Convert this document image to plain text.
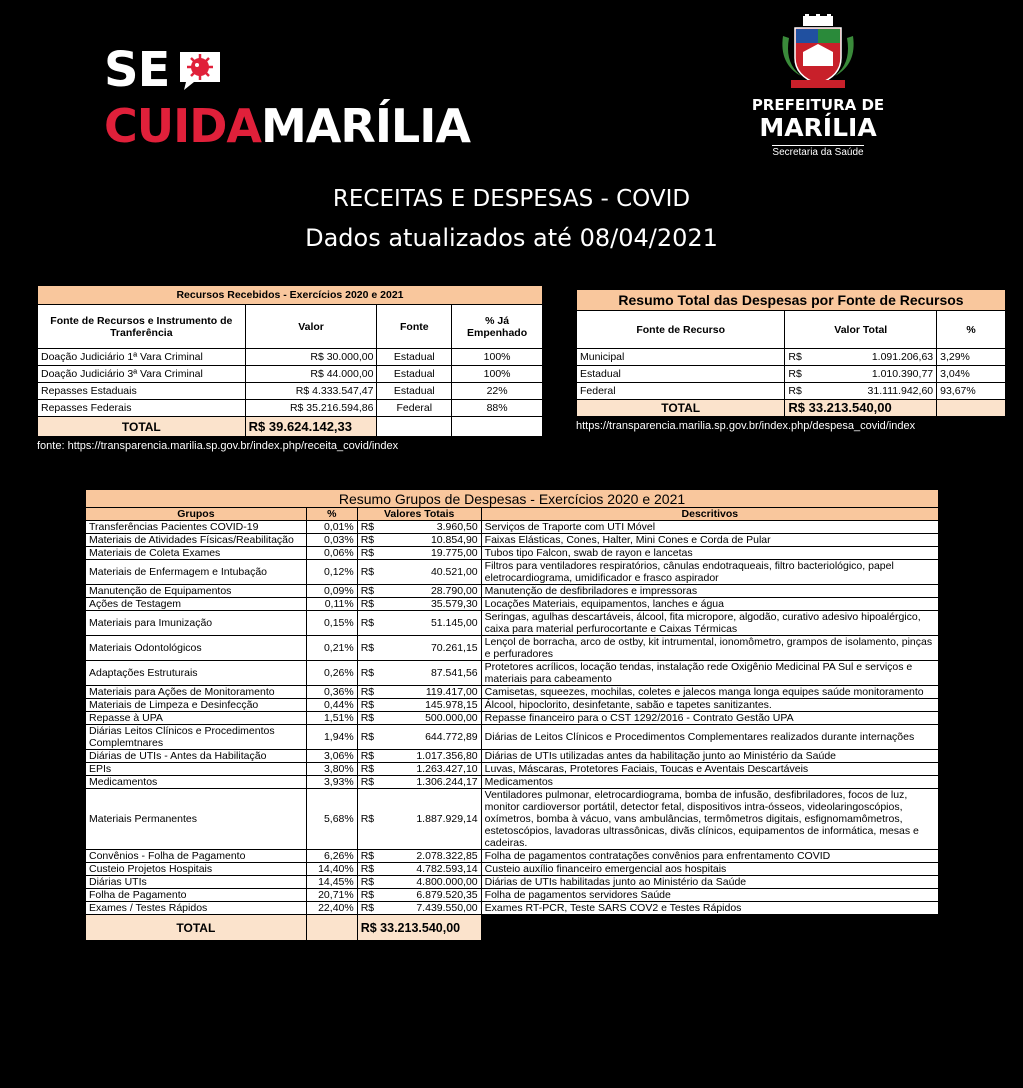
SE
CUIDAMARÍLIA	PREFEITURA DE
MARÍLIA
Secretaria da Saúde
RECEITAS E DESPESAS - COVID
Dados atualizados até 08/04/2021
Recursos Recebidos - Exercícios 2020 e 2021			
Fonte de Recursos e Instrumento de Tranferência	Valor	Fonte	% Já Empenhado
Doação Judiciário 1ª Vara Criminal	R$ 30.000,00	Estadual	100%
Doação Judiciário 3ª Vara Criminal	R$ 44.000,00	Estadual	100%
Repasses Estaduais	R$ 4.333.547,47	Estadual	22%
Repasses Federais	R$ 35.216.594,86	Federal	88%
TOTAL	R$ 39.624.142,33		
fonte: https://transparencia.marilia.sp.gov.br/index.php/receita_covid/index
Resumo Total das Despesas por Fonte de Recursos			
Fonte de Recurso	Valor Total		%
Municipal	R$	1.091.206,63	3,29%
Estadual	R$	1.010.390,77	3,04%
Federal	R$	31.111.942,60	93,67%
TOTAL	R$ 33.213.540,00		
https://transparencia.marilia.sp.gov.br/index.php/despesa_covid/index
Resumo Grupos de Despesas - Exercícios 2020 e 2021				
Grupos	%	Valores Totais		Descritivos
Transferências Pacientes COVID-19	0,01%	R$	3.960,50	Serviços de Traporte com UTI Móvel
Materiais de Atividades Físicas/Reabilitação	0,03%	R$	10.854,90	Faixas Elásticas, Cones, Halter, Mini Cones e Corda de Pular
Materiais de Coleta Exames	0,06%	R$	19.775,00	Tubos tipo Falcon, swab de rayon e lancetas
Materiais de Enfermagem e Intubação	0,12%	R$	40.521,00	Filtros para ventiladores respiratórios, cânulas endotraqueais, filtro bacteriológico, papel eletrocardiograma, umidificador e frasco aspirador
Manutenção de Equipamentos	0,09%	R$	28.790,00	Manutenção de desfibriladores e impressoras
Ações de Testagem	0,11%	R$	35.579,30	Locações Materiais, equipamentos, lanches e água
Materiais para Imunização	0,15%	R$	51.145,00	Seringas, agulhas descartáveis, álcool, fita micropore, algodão, curativo adesivo hipoalérgico, caixa para material perfurocortante e Caixas Térmicas
Materiais Odontológicos	0,21%	R$	70.261,15	Lençol de borracha, arco de ostby, kit intrumental, ionomômetro, grampos de isolamento, pinças e perfuradores
Adaptações Estruturais	0,26%	R$	87.541,56	Protetores acrílicos, locação tendas, instalação rede Oxigênio Medicinal PA Sul e serviços e materiais para cabeamento
Materiais para Ações de Monitoramento	0,36%	R$	119.417,00	Camisetas, squeezes, mochilas, coletes e jalecos manga longa equipes saúde monitoramento
Materiais de Limpeza e Desinfecção	0,44%	R$	145.978,15	Álcool, hipoclorito, desinfetante, sabão e tapetes sanitizantes.
Repasse à UPA	1,51%	R$	500.000,00	Repasse financeiro para o CST 1292/2016 - Contrato Gestão UPA
Diárias Leitos Clínicos e Procedimentos Complemtnares	1,94%	R$	644.772,89	Diárias de Leitos Clínicos e Procedimentos Complementares realizados durante internações
Diárias de UTIs - Antes da Habilitação	3,06%	R$	1.017.356,80	Diárias de UTIs utilizadas antes da habilitação junto ao Ministério da Saúde
EPIs	3,80%	R$	1.263.427,10	Luvas, Máscaras, Protetores Faciais, Toucas e Aventais Descartáveis
Medicamentos	3,93%	R$	1.306.244,17	Medicamentos
Materiais Permanentes	5,68%	R$	1.887.929,14	Ventiladores pulmonar, eletrocardiograma, bomba de infusão, desfibriladores, focos de luz, monitor cardioversor portátil, detector fetal, dispositivos intra-ósseos, videolaringoscópios, oxímetros, bomba à vácuo, vans ambulâncias, termômetros digitais, esfignomamômetros, estetoscópios, lavadoras ultrassônicas, divãs clínicos, equipamentos de informática, mesas e cadeiras.
Convênios - Folha de Pagamento	6,26%	R$	2.078.322,85	Folha de pagamentos contratações convênios para enfrentamento COVID
Custeio Projetos Hospitais	14,40%	R$	4.782.593,14	Custeio auxílio financeiro emergencial aos hospitais
Diárias UTIs	14,45%	R$	4.800.000,00	Diárias de UTIs habilitadas junto ao Ministério da Saúde
Folha de Pagamento	20,71%	R$	6.879.520,35	Folha de pagamentos servidores Saúde
Exames / Testes Rápidos	22,40%	R$	7.439.550,00	Exames RT-PCR, Teste SARS COV2 e Testes Rápidos
TOTAL		R$ 33.213.540,00		
